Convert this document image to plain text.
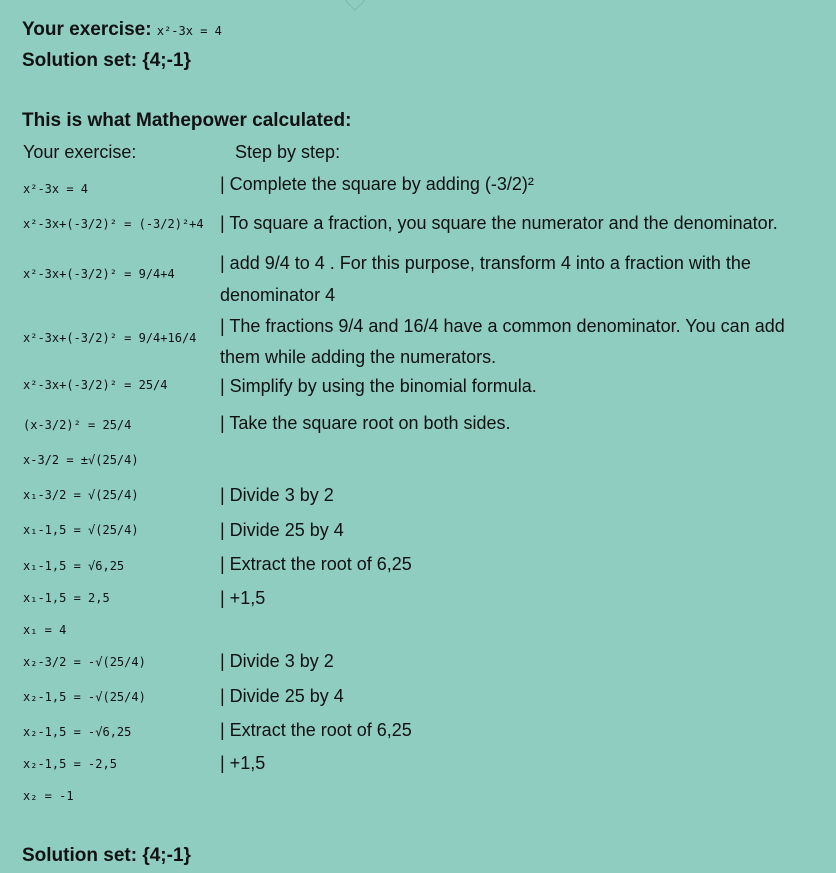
Your exercise: x²-3x = 4
Solution set: {4;-1}
This is what Mathepower calculated:
Your exercise:	Step by step:
x²-3x = 4
x²-3x+(-3/2)² = (-3/2)²+4
x²-3x+(-3/2)² = 9/4+4
x²-3x+(-3/2)² = 9/4+16/4
x²-3x+(-3/2)² = 25/4
(x-3/2)² = 25/4
x-3/2 = ±√(25/4)
x₁-3/2 = √(25/4)
x₁-1,5 = √(25/4)
x₁-1,5 = √6,25
x₁-1,5 = 2,5
x₁ = 4
x₂-3/2 = -√(25/4)
x₂-1,5 = -√(25/4)
x₂-1,5 = -√6,25
x₂-1,5 = -2,5
x₂ = -1
| Complete the square by adding (-3/2)²
| To square a fraction, you square the numerator and the denominator.
| add 9/4 to 4 . For this purpose, transform 4 into a fraction with the denominator 4
| The fractions 9/4 and 16/4 have a common denominator. You can add them while adding the numerators.
| Simplify by using the binomial formula.
| Take the square root on both sides.
| Divide 3 by 2
| Divide 25 by 4
| Extract the root of 6,25
| +1,5
| Divide 3 by 2
| Divide 25 by 4
| Extract the root of 6,25
| +1,5
Solution set: {4;-1}
